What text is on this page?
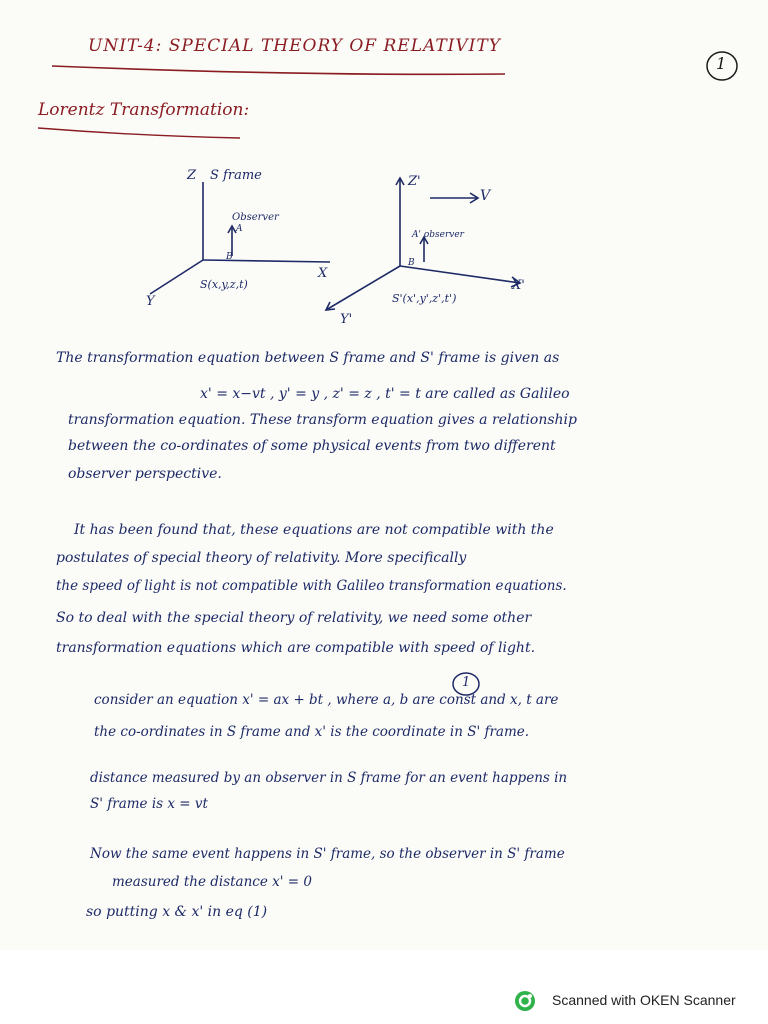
UNIT-4: SPECIAL THEORY OF RELATIVITY
1
Lorentz Transformation:
Z S frame
Observer
A
B
X
Y
S(x,y,z,t)
Z'
V
A' observer
B
X'
Y'
S'(x',y',z',t')
The transformation equation between S frame and S' frame is given as
x' = x−vt , y' = y , z' = z , t' = t are called as Galileo
transformation equation. These transform equation gives a relationship
between the co-ordinates of some physical events from two different
observer perspective.
It has been found that, these equations are not compatible with the
postulates of special theory of relativity. More specifically
the speed of light is not compatible with Galileo transformation equations.
So to deal with the special theory of relativity, we need some other
transformation equations which are compatible with speed of light.
1
consider an equation x' = ax + bt , where a, b are const and x, t are
the co-ordinates in S frame and x' is the coordinate in S' frame.
distance measured by an observer in S frame for an event happens in
S' frame is x = vt
Now the same event happens in S' frame, so the observer in S' frame
measured the distance x' = 0
so putting x & x' in eq (1)
Scanned with OKEN Scanner
